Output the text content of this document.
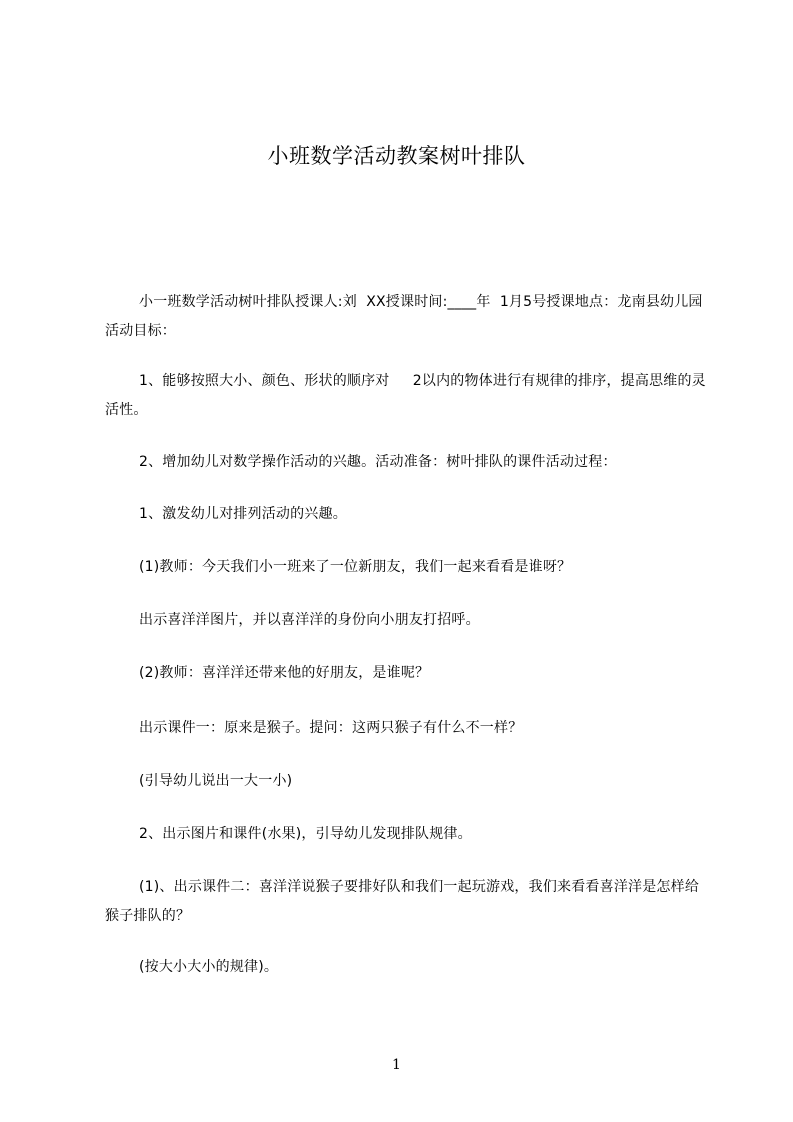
小班数学活动教案树叶排队
小一班数学活动树叶排队授课人:刘  XX授课时间:____年  1月5号授课地点：龙南县幼儿园活动目标：
1、能够按照大小、颜色、形状的顺序对     2以内的物体进行有规律的排序，提高思维的灵活性。
2、增加幼儿对数学操作活动的兴趣。活动准备：树叶排队的课件活动过程：
1、激发幼儿对排列活动的兴趣。
(1)教师：今天我们小一班来了一位新朋友，我们一起来看看是谁呀？
出示喜洋洋图片，并以喜洋洋的身份向小朋友打招呼。
(2)教师：喜洋洋还带来他的好朋友，是谁呢？
出示课件一：原来是猴子。提问：这两只猴子有什么不一样？
(引导幼儿说出一大一小)
2、出示图片和课件(水果)，引导幼儿发现排队规律。
(1)、出示课件二：喜洋洋说猴子要排好队和我们一起玩游戏，我们来看看喜洋洋是怎样给猴子排队的？
(按大小大小的规律)。
1
